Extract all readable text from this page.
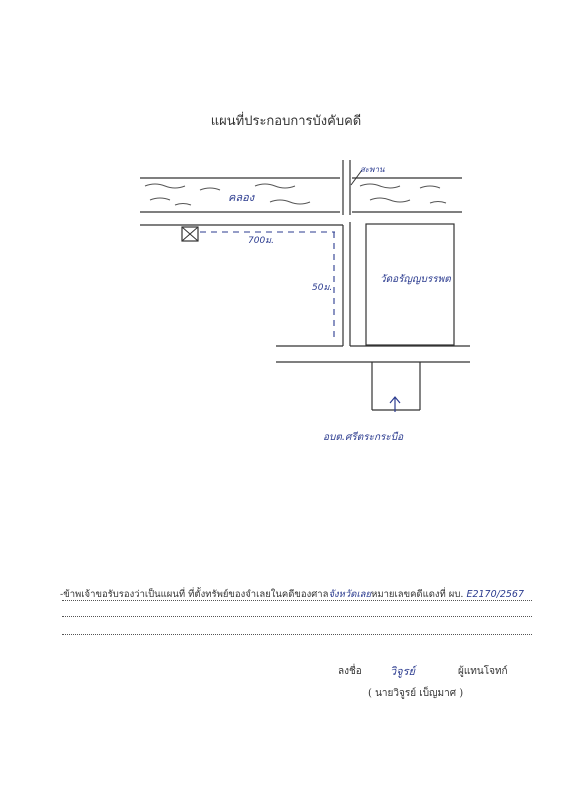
แผนที่ประกอบการบังคับคดี
คลอง
สะพาน
700ม.
50ม.
วัดอรัญญบรรพต
อบต.ศรีตระกระบือ
-ข้าพเจ้าขอรับรองว่าเป็นแผนที่ ที่ตั้งทรัพย์ของจำเลยในคดีของศาลจังหวัดเลยหมายเลขคดีแดงที่ ผบ. E2170/2567
ลงชื่อ	วิจูรย์	ผู้แทนโจทก์
( นายวิจูรย์ เบ็ญมาศ )
